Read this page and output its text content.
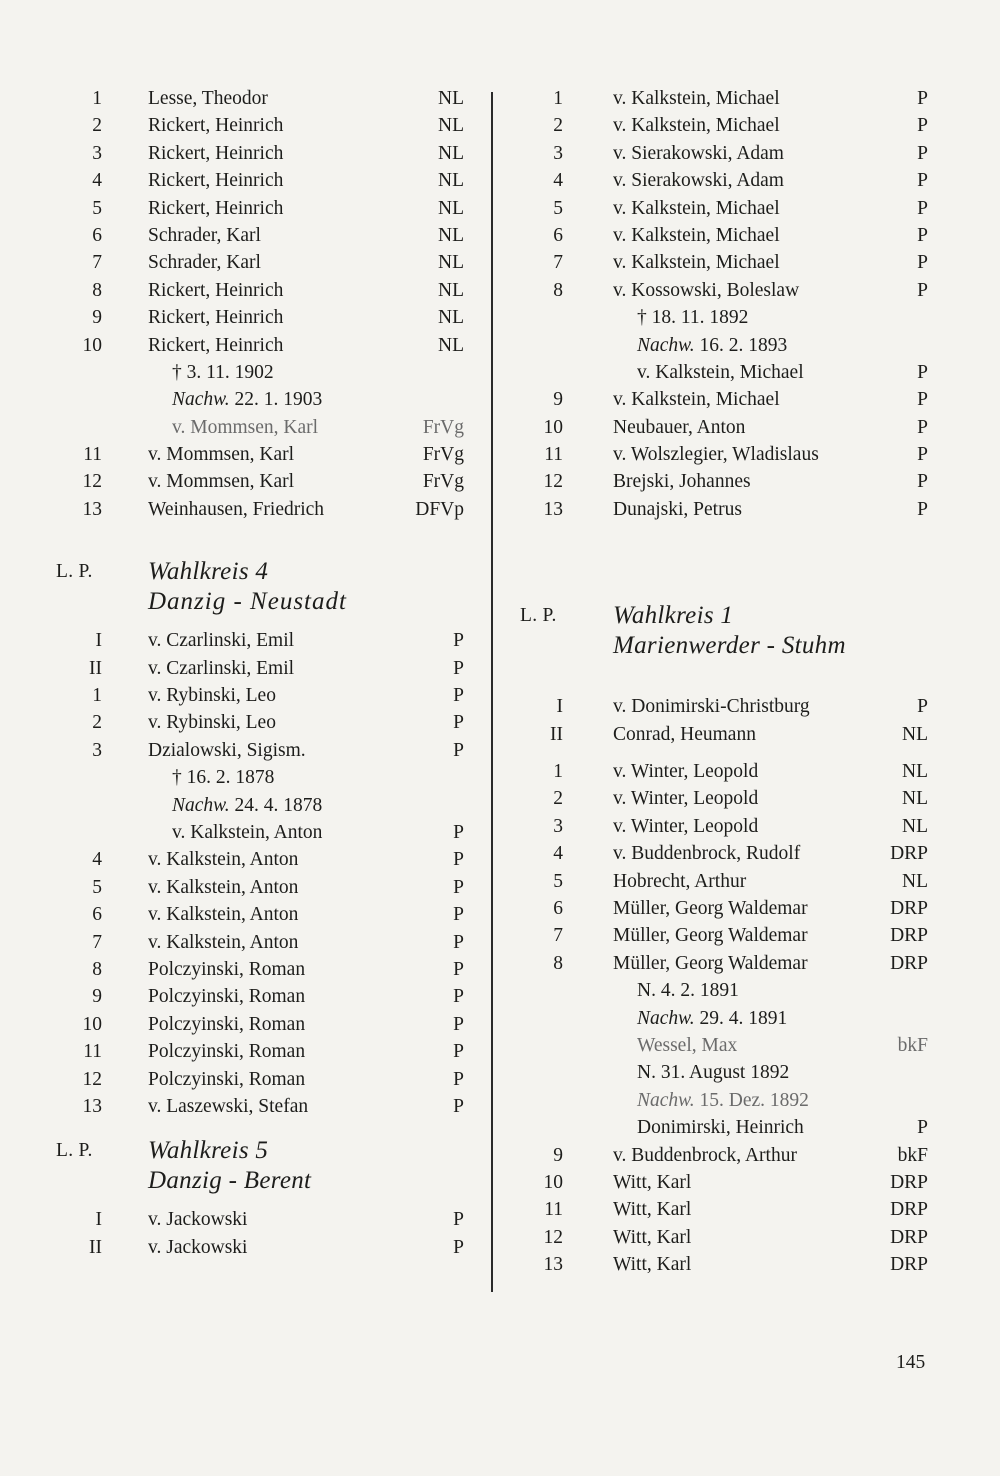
1 Lesse, Theodor	NL
2 Rickert, Heinrich	NL
3 Rickert, Heinrich	NL
4 Rickert, Heinrich	NL
5 Rickert, Heinrich	NL
6 Schrader, Karl	NL
7 Schrader, Karl	NL
8 Rickert, Heinrich	NL
9 Rickert, Heinrich	NL
10 Rickert, Heinrich	NL
† 3. 11. 1902
Nachw. 22. 1. 1903
v. Mommsen, Karl	FrVg
11 v. Mommsen, Karl	FrVg
12 v. Mommsen, Karl	FrVg
13 Weinhausen, Friedrich	DFVp
L. P. Wahlkreis 4
Danzig - Neustadt
I v. Czarlinski, Emil	P
II v. Czarlinski, Emil	P
1 v. Rybinski, Leo	P
2 v. Rybinski, Leo	P
3 Dzialowski, Sigism.	P
† 16. 2. 1878
Nachw. 24. 4. 1878
v. Kalkstein, Anton	P
4 v. Kalkstein, Anton	P
5 v. Kalkstein, Anton	P
6 v. Kalkstein, Anton	P
7 v. Kalkstein, Anton	P
8 Polczyinski, Roman	P
9 Polczyinski, Roman	P
10 Polczyinski, Roman	P
11 Polczyinski, Roman	P
12 Polczyinski, Roman	P
13 v. Laszewski, Stefan	P
L. P. Wahlkreis 5
Danzig - Berent
I v. Jackowski	P
II v. Jackowski	P
1	v. Kalkstein, Michael	P
2	v. Kalkstein, Michael	P
3	v. Sierakowski, Adam	P
4	v. Sierakowski, Adam	P
5	v. Kalkstein, Michael	P
6	v. Kalkstein, Michael	P
7	v. Kalkstein, Michael	P
8	v. Kossowski, Boleslaw	P
† 18. 11. 1892
Nachw. 16. 2. 1893
v. Kalkstein, Michael	P
9	v. Kalkstein, Michael	P
10	Neubauer, Anton	P
11	v. Wolszlegier, Wladislaus	P
12	Brejski, Johannes	P
13	Dunajski, Petrus	P
L. P. Wahlkreis 1
Marienwerder - Stuhm
I	v. Donimirski-Christburg	P
II	Conrad, Heumann	NL
1	v. Winter, Leopold	NL
2	v. Winter, Leopold	NL
3	v. Winter, Leopold	NL
4	v. Buddenbrock, Rudolf	DRP
5	Hobrecht, Arthur	NL
6	Müller, Georg Waldemar	DRP
7	Müller, Georg Waldemar	DRP
8	Müller, Georg Waldemar	DRP
N. 4. 2. 1891
Nachw. 29. 4. 1891
Wessel, Max	bkF
N. 31. August 1892
Nachw. 15. Dez. 1892
Donimirski, Heinrich	P
9	v. Buddenbrock, Arthur	bkF
10	Witt, Karl	DRP
11	Witt, Karl	DRP
12	Witt, Karl	DRP
13	Witt, Karl	DRP
145
